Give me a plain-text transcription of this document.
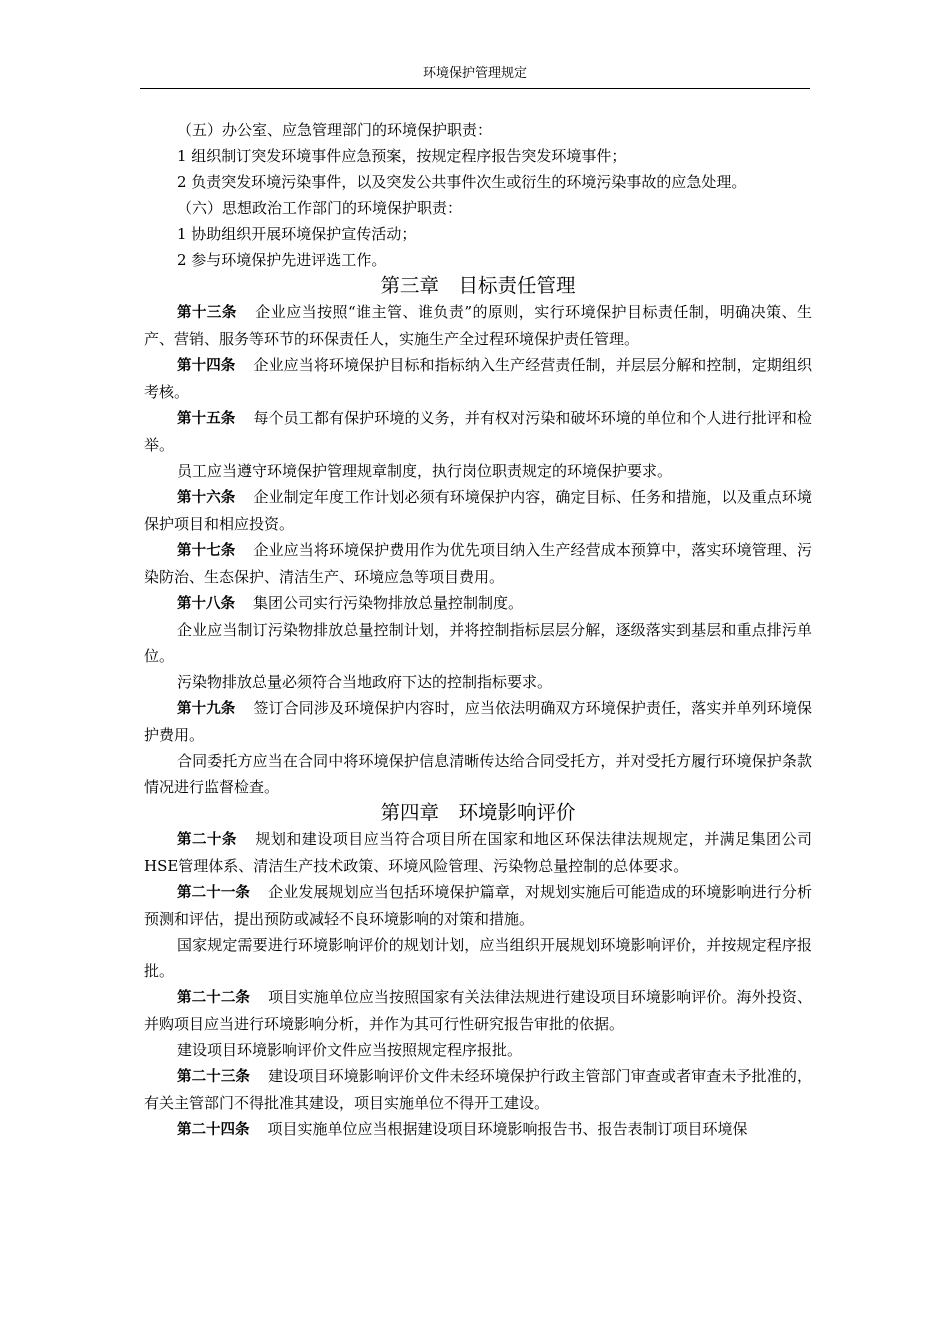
环境保护管理规定

（五）办公室、应急管理部门的环境保护职责：

1 组织制订突发环境事件应急预案，按规定程序报告突发环境事件；

2 负责突发环境污染事件，以及突发公共事件次生或衍生的环境污染事故的应急处理。

（六）思想政治工作部门的环境保护职责：

1 协助组织开展环境保护宣传活动；

2 参与环境保护先进评选工作。

第三章　目标责任管理

第十三条 企业应当按照“谁主管、谁负责”的原则，实行环境保护目标责任制，明确决策、生产、营销、服务等环节的环保责任人，实施生产全过程环境保护责任管理。

第十四条 企业应当将环境保护目标和指标纳入生产经营责任制，并层层分解和控制，定期组织考核。

第十五条 每个员工都有保护环境的义务，并有权对污染和破坏环境的单位和个人进行批评和检举。

员工应当遵守环境保护管理规章制度，执行岗位职责规定的环境保护要求。

第十六条 企业制定年度工作计划必须有环境保护内容，确定目标、任务和措施，以及重点环境保护项目和相应投资。

第十七条 企业应当将环境保护费用作为优先项目纳入生产经营成本预算中，落实环境管理、污染防治、生态保护、清洁生产、环境应急等项目费用。

第十八条 集团公司实行污染物排放总量控制制度。

企业应当制订污染物排放总量控制计划，并将控制指标层层分解，逐级落实到基层和重点排污单位。

污染物排放总量必须符合当地政府下达的控制指标要求。

第十九条 签订合同涉及环境保护内容时，应当依法明确双方环境保护责任，落实并单列环境保护费用。

合同委托方应当在合同中将环境保护信息清晰传达给合同受托方，并对受托方履行环境保护条款情况进行监督检查。

第四章　环境影响评价

第二十条 规划和建设项目应当符合项目所在国家和地区环保法律法规规定，并满足集团公司HSE管理体系、清洁生产技术政策、环境风险管理、污染物总量控制的总体要求。

第二十一条 企业发展规划应当包括环境保护篇章，对规划实施后可能造成的环境影响进行分析预测和评估，提出预防或减轻不良环境影响的对策和措施。

国家规定需要进行环境影响评价的规划计划，应当组织开展规划环境影响评价，并按规定程序报批。

第二十二条 项目实施单位应当按照国家有关法律法规进行建设项目环境影响评价。海外投资、并购项目应当进行环境影响分析，并作为其可行性研究报告审批的依据。

建设项目环境影响评价文件应当按照规定程序报批。

第二十三条 建设项目环境影响评价文件未经环境保护行政主管部门审查或者审查未予批准的，有关主管部门不得批准其建设，项目实施单位不得开工建设。

第二十四条 项目实施单位应当根据建设项目环境影响报告书、报告表制订项目环境保
